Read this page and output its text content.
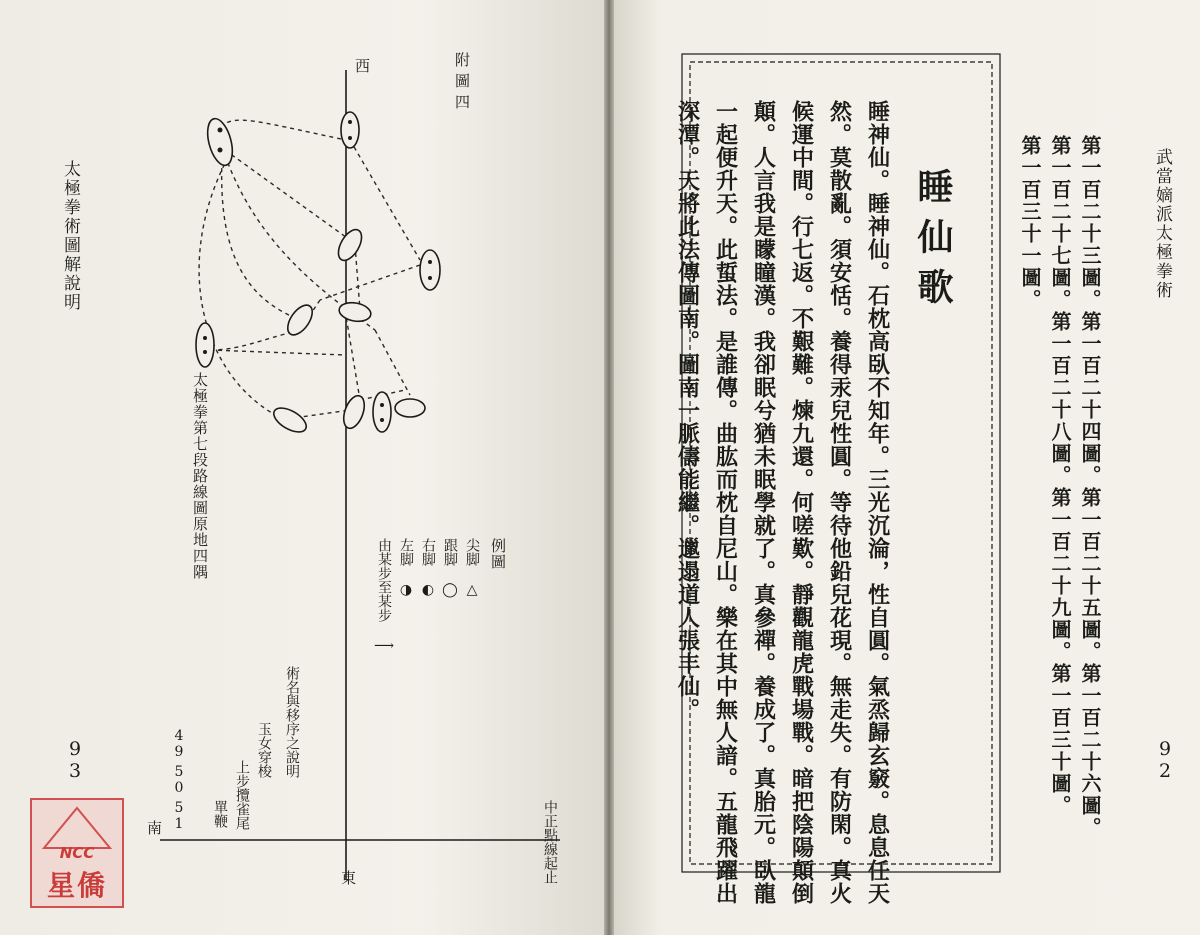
太極拳術圖解說明
93
附圖四
西
東
南
太極拳第七段路線圖原地四隅	例圖
尖脚 △
跟脚 ◯
右脚 ◐
左脚 ◑
由某步至某步 ⟶
中正點線起止
術名與移序之說明
玉女穿梭
49
上步攬雀尾
50
單鞭
51
NCC
星僑
武當嫡派太極拳術
92
第一百二十三圖。第一百二十四圖。第一百二十五圖。第一百二十六圖。
第一百二十七圖。第一百二十八圖。第一百二十九圖。第一百三十圖。
第一百三十一圖。
睡仙歌
睡神仙。睡神仙。石枕高臥不知年。三光沉淪，性自圓。氣烝歸玄竅。息息任天
然。莫散亂。須安恬。養得汞兒性圓。等待他鉛兒花現。無走失。有防閑。真火
候運中間。行七返。不艱難。煉九還。何嗟歎。靜觀龍虎戰場戰。暗把陰陽顛倒
顛。人言我是矇瞳漢。我卻眠兮猶未眠學就了。真參禪。養成了。真胎元。臥龍
一起便升天。此蜇法。是誰傳。曲肱而枕自尼山。樂在其中無人諳。五龍飛躍出
深潭。天將此法傳圖南。圖南一脈儔能繼。邋遢道人張丰仙。
